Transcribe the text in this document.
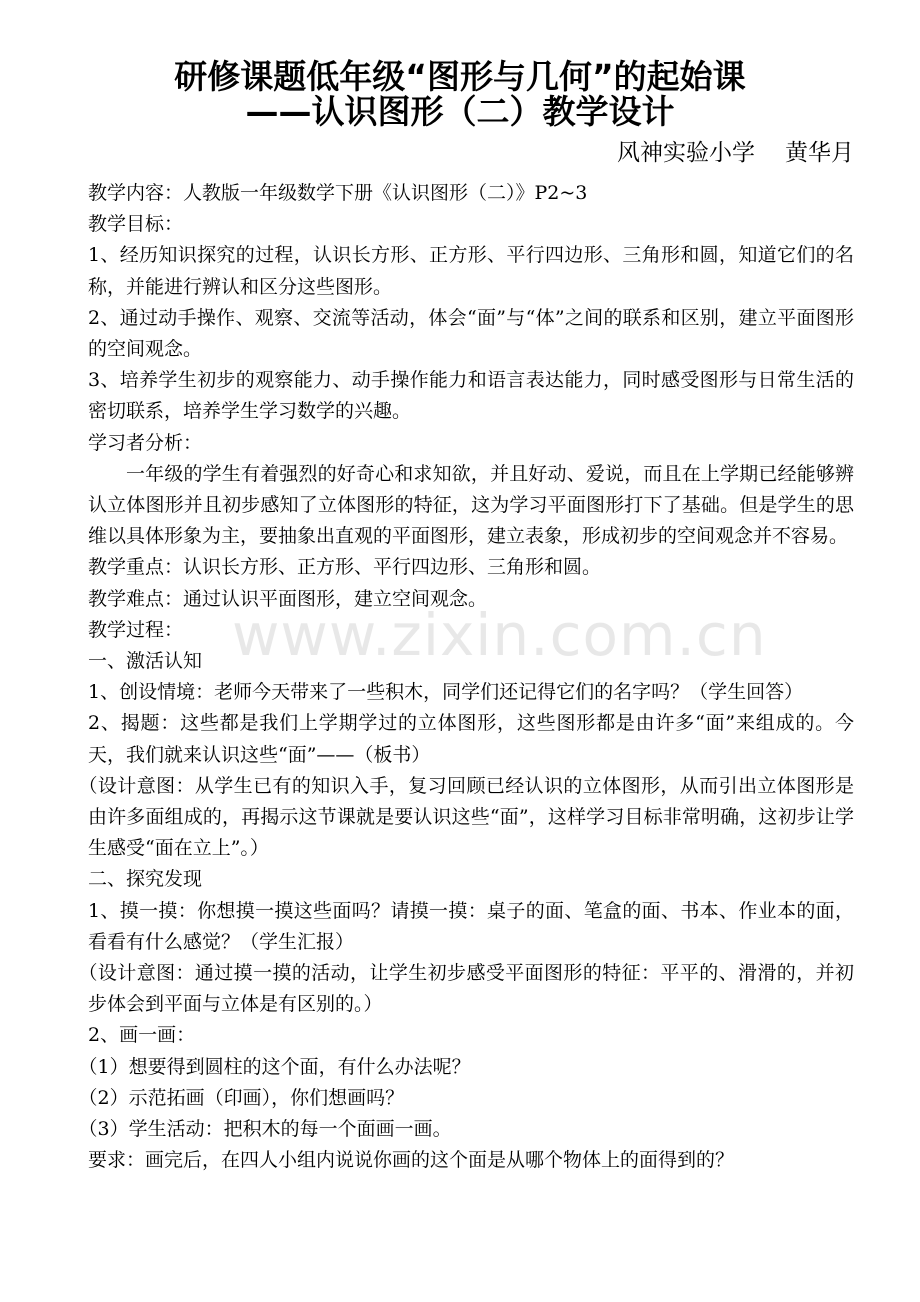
研修课题低年级“图形与几何”的起始课
——认识图形（二）教学设计

风神实验小学 黄华月

教学内容：人教版一年级数学下册《认识图形（二）》P2~3

教学目标：

1、经历知识探究的过程，认识长方形、正方形、平行四边形、三角形和圆，知道它们的名称，并能进行辨认和区分这些图形。

2、通过动手操作、观察、交流等活动，体会“面”与“体”之间的联系和区别，建立平面图形的空间观念。

3、培养学生初步的观察能力、动手操作能力和语言表达能力，同时感受图形与日常生活的密切联系，培养学生学习数学的兴趣。

学习者分析：

一年级的学生有着强烈的好奇心和求知欲，并且好动、爱说，而且在上学期已经能够辨认立体图形并且初步感知了立体图形的特征，这为学习平面图形打下了基础。但是学生的思维以具体形象为主，要抽象出直观的平面图形，建立表象，形成初步的空间观念并不容易。

教学重点：认识长方形、正方形、平行四边形、三角形和圆。

教学难点：通过认识平面图形，建立空间观念。

教学过程：

一、激活认知

1、创设情境：老师今天带来了一些积木，同学们还记得它们的名字吗？（学生回答）

2、揭题：这些都是我们上学期学过的立体图形，这些图形都是由许多“面”来组成的。今天，我们就来认识这些“面”——（板书）

（设计意图：从学生已有的知识入手，复习回顾已经认识的立体图形，从而引出立体图形是由许多面组成的，再揭示这节课就是要认识这些“面”，这样学习目标非常明确，这初步让学生感受“面在立上”。）

二、探究发现

1、摸一摸：你想摸一摸这些面吗？请摸一摸：桌子的面、笔盒的面、书本、作业本的面，看看有什么感觉？（学生汇报）

（设计意图：通过摸一摸的活动，让学生初步感受平面图形的特征：平平的、滑滑的，并初步体会到平面与立体是有区别的。）

2、画一画：

（1）想要得到圆柱的这个面，有什么办法呢？

（2）示范拓画（印画），你们想画吗？

（3）学生活动：把积木的每一个面画一画。

要求：画完后，在四人小组内说说你画的这个面是从哪个物体上的面得到的？

www.zixin.com.cn
